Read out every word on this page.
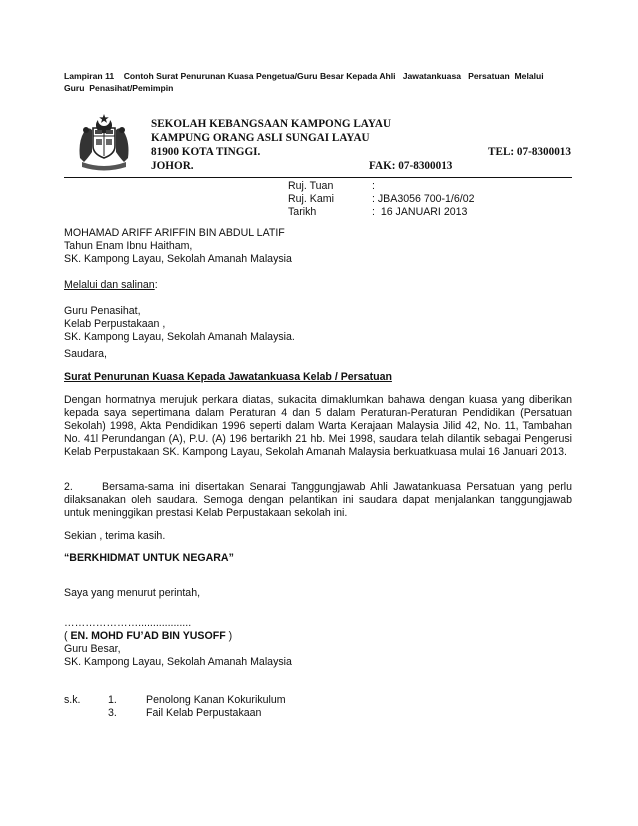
Lampiran 11    Contoh Surat Penurunan Kuasa Pengetua/Guru Besar Kepada Ahli   Jawatankuasa   Persatuan  Melalui
Guru  Penasihat/Pemimpin
SEKOLAH KEBANGSAAN KAMPONG LAYAU
KAMPUNG ORANG ASLI SUNGAI LAYAU
81900 KOTA TINGGI.	TEL: 07-8300013
JOHOR.	FAK: 07-8300013
Ruj. Tuan	:
Ruj. Kami	: JBA3056 700-1/6/02
Tarikh	:  16 JANUARI 2013
MOHAMAD ARIFF ARIFFIN BIN ABDUL LATIF
Tahun Enam Ibnu Haitham,
SK. Kampong Layau, Sekolah Amanah Malaysia
Melalui dan salinan:
Guru Penasihat,
Kelab Perpustakaan ,
SK. Kampong Layau, Sekolah Amanah Malaysia.
Saudara,
Surat Penurunan Kuasa Kepada Jawatankuasa Kelab / Persatuan
Dengan hormatnya merujuk perkara diatas, sukacita dimaklumkan bahawa dengan kuasa yang diberikan kepada saya sepertimana dalam Peraturan 4 dan 5 dalam Peraturan-Peraturan Pendidikan (Persatuan Sekolah) 1998, Akta Pendidikan 1996 seperti dalam Warta Kerajaan Malaysia Jilid 42, No. 11, Tambahan No. 41l Perundangan (A), P.U. (A) 196 bertarikh 21 hb. Mei 1998, saudara telah dilantik sebagai Pengerusi Kelab Perpustakaan SK. Kampong Layau, Sekolah Amanah Malaysia berkuatkuasa mulai 16 Januari 2013.
2.	Bersama-sama ini disertakan Senarai Tanggungjawab Ahli Jawatankuasa Persatuan yang perlu dilaksanakan oleh saudara. Semoga dengan pelantikan ini saudara dapat menjalankan tanggungjawab untuk meninggikan prestasi Kelab Perpustakaan sekolah ini.
Sekian , terima kasih.
“BERKHIDMAT UNTUK NEGARA”
Saya yang menurut perintah,
…………………..................
( EN. MOHD FU’AD BIN YUSOFF )
Guru Besar,
SK. Kampong Layau, Sekolah Amanah Malaysia
s.k.	1.	Penolong Kanan Kokurikulum
3.	Fail Kelab Perpustakaan
